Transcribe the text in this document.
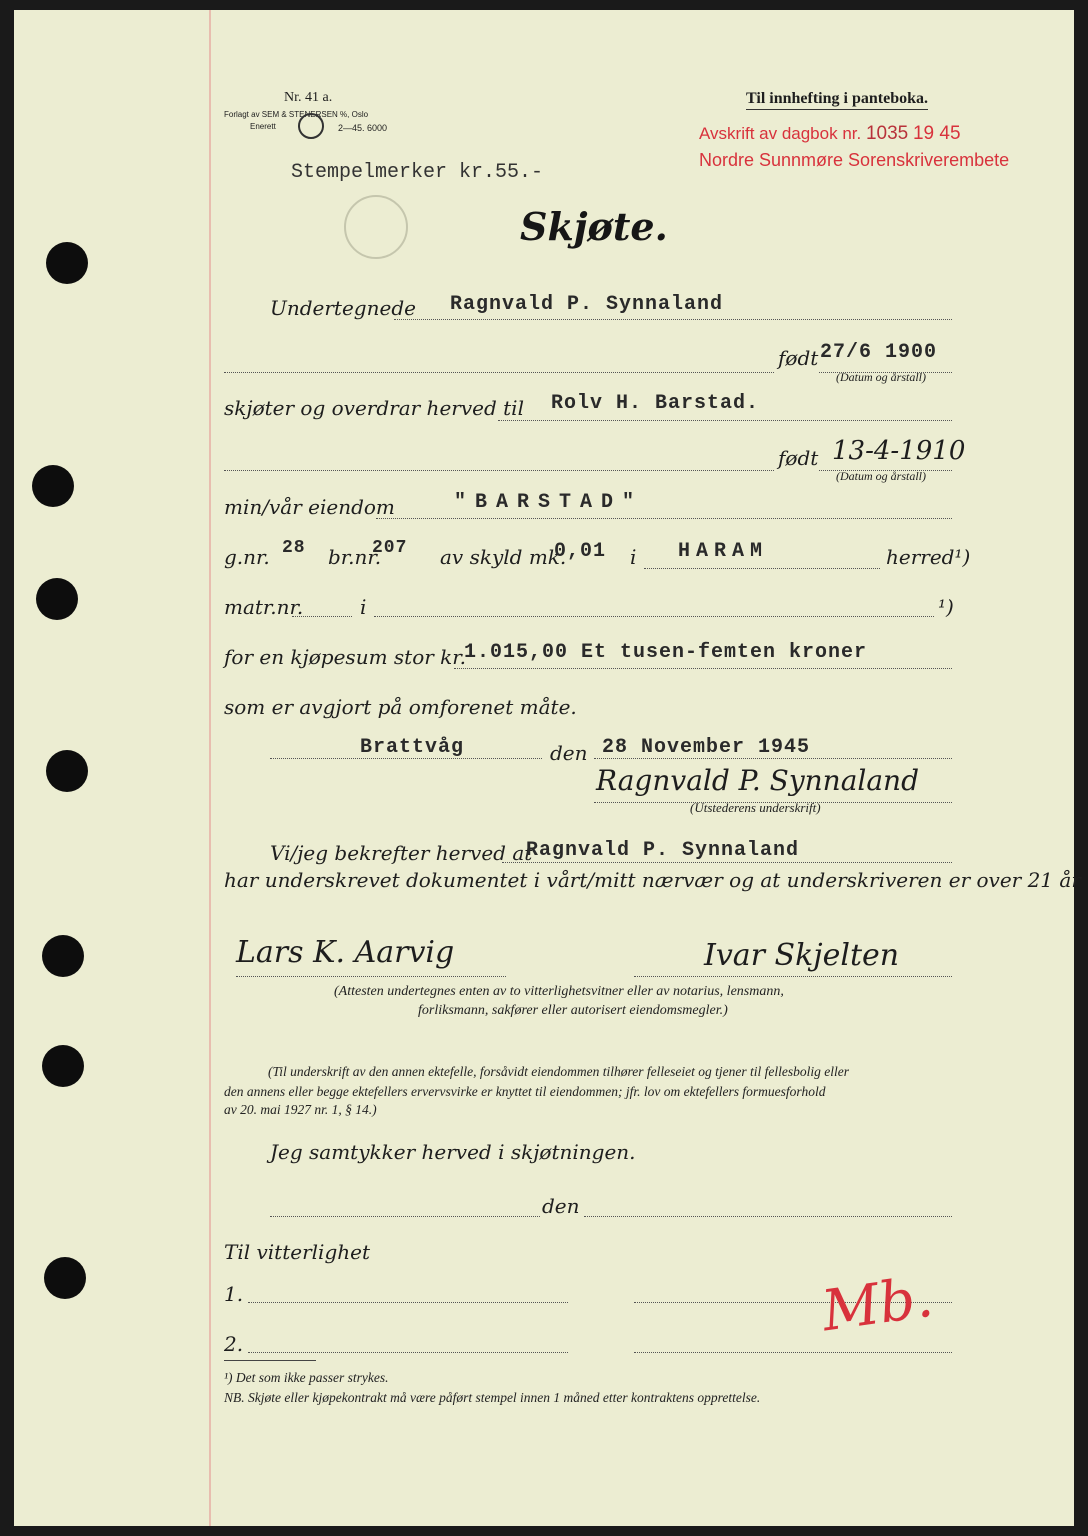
Nr. 41 a.
Forlagt av SEM & STENERSEN %, Oslo
Enerett	2—45. 6000
Til innhefting i panteboka.
Avskrift av dagbok nr. 1035 19 45
Nordre Sunnmøre Sorenskriverembete
Stempelmerker kr.55.-
Skjøte.
Undertegnede Ragnvald P. Synnaland
født 27/6 1900
(Datum og årstall)
skjøter og overdrar herved til Rolv H. Barstad.
født 13-4-1910
(Datum og årstall)
min/vår eiendom	"BARSTAD"
g.nr. 28 br.nr.
207 av skyld mk.
0,01 i HARAM	herred¹)
matr.nr.	i	¹)
for en kjøpesum stor kr.
1.015,00 Et tusen-femten kroner
som er avgjort på omforenet måte.
Brattvåg	den 28 November 1945
Ragnvald P. Synnaland
(Utstederens underskrift)
Vi/jeg bekrefter herved at
Ragnvald P. Synnaland
har underskrevet dokumentet i vårt/mitt nærvær og at underskriveren er over 21 år
Lars K. Aarvig	Ivar Skjelten
(Attesten undertegnes enten av to vitterlighetsvitner eller av notarius, lensmann,
forliksmann, sakfører eller autorisert eiendomsmegler.)
(Til underskrift av den annen ektefelle, forsåvidt eiendommen tilhører felleseiet og tjener til fellesbolig eller
den annens eller begge ektefellers ervervsvirke er knyttet til eiendommen; jfr. lov om ektefellers formuesforhold
av 20. mai 1927 nr. 1, § 14.)
Jeg samtykker herved i skjøtningen.
den
Til vitterlighet
1.
2.	Mb.
¹) Det som ikke passer strykes.
NB. Skjøte eller kjøpekontrakt må være påført stempel innen 1 måned etter kontraktens opprettelse.
